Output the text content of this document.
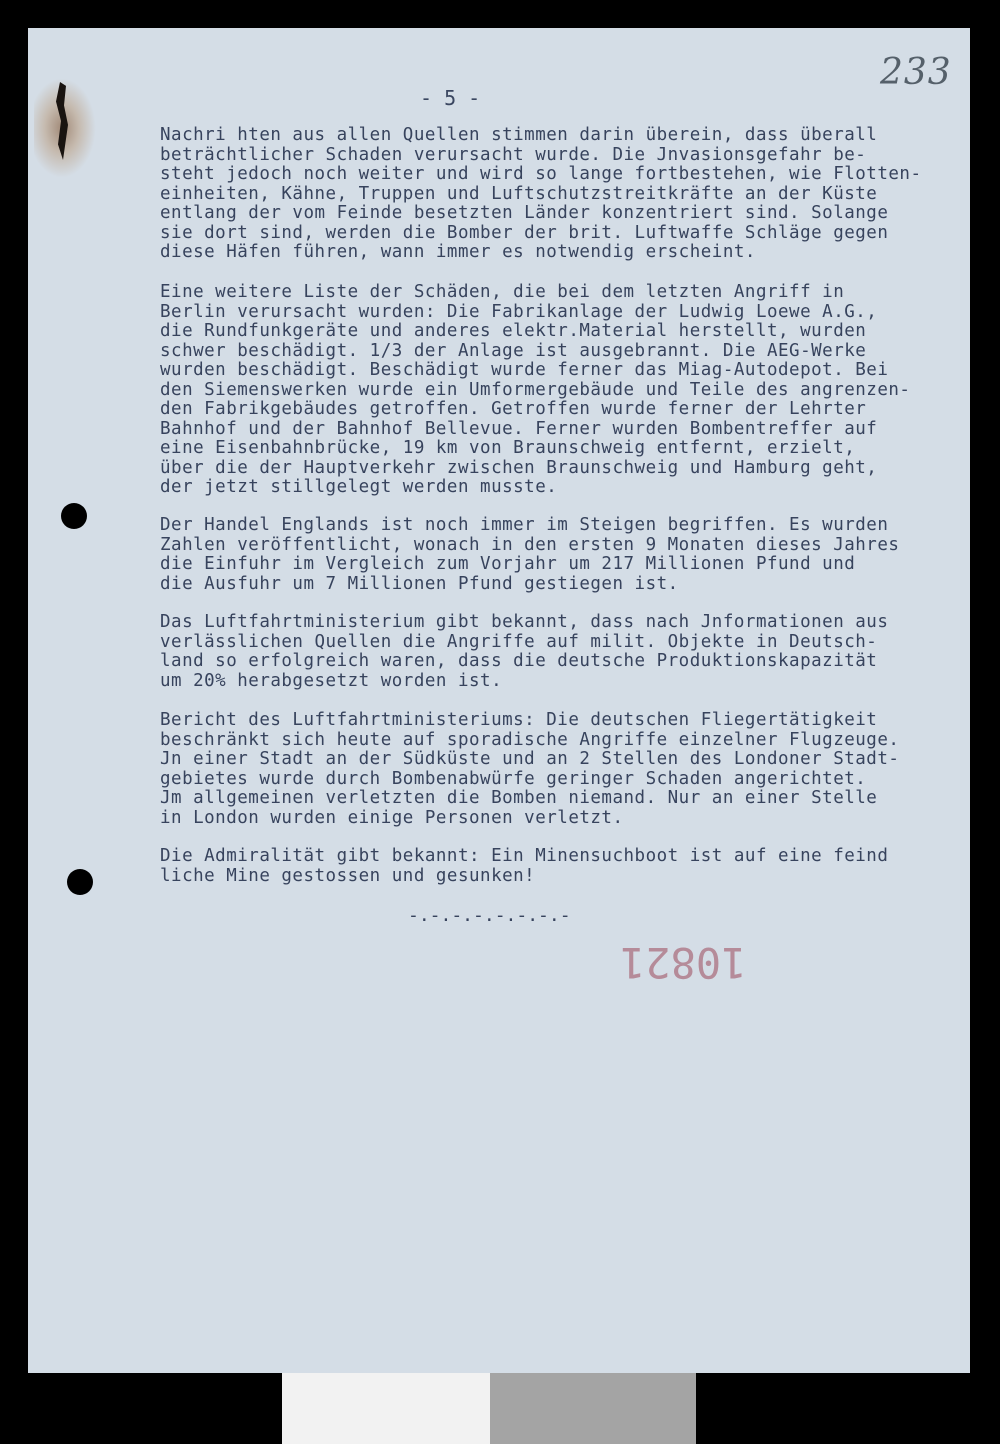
233
- 5 -
Nachri hten aus allen Quellen stimmen darin überein, dass überall
beträchtlicher Schaden verursacht wurde. Die Jnvasionsgefahr be-
steht jedoch noch weiter und wird so lange fortbestehen, wie Flotten-
einheiten, Kähne, Truppen und Luftschutzstreitkräfte an der Küste
entlang der vom Feinde besetzten Länder konzentriert sind. Solange
sie dort sind, werden die Bomber der brit. Luftwaffe Schläge gegen
diese Häfen führen, wann immer es notwendig erscheint.
Eine weitere Liste der Schäden, die bei dem letzten Angriff in
Berlin verursacht wurden: Die Fabrikanlage der Ludwig Loewe A.G.,
die Rundfunkgeräte und anderes elektr.Material herstellt, wurden
schwer beschädigt. 1/3 der Anlage ist ausgebrannt. Die AEG-Werke
wurden beschädigt. Beschädigt wurde ferner das Miag-Autodepot. Bei
den Siemenswerken wurde ein Umformergebäude und Teile des angrenzen-
den Fabrikgebäudes getroffen. Getroffen wurde ferner der Lehrter
Bahnhof und der Bahnhof Bellevue. Ferner wurden Bombentreffer auf
eine Eisenbahnbrücke, 19 km von Braunschweig entfernt, erzielt,
über die der Hauptverkehr zwischen Braunschweig und Hamburg geht,
der jetzt stillgelegt werden musste.
Der Handel Englands ist noch immer im Steigen begriffen. Es wurden
Zahlen veröffentlicht, wonach in den ersten 9 Monaten dieses Jahres
die Einfuhr im Vergleich zum Vorjahr um 217 Millionen Pfund und
die Ausfuhr um 7 Millionen Pfund gestiegen ist.
Das Luftfahrtministerium gibt bekannt, dass nach Jnformationen aus
verlässlichen Quellen die Angriffe auf milit. Objekte in Deutsch-
land so erfolgreich waren, dass die deutsche Produktionskapazität
um 20% herabgesetzt worden ist.
Bericht des Luftfahrtministeriums: Die deutschen Fliegertätigkeit
beschränkt sich heute auf sporadische Angriffe einzelner Flugzeuge.
Jn einer Stadt an der Südküste und an 2 Stellen des Londoner Stadt-
gebietes wurde durch Bombenabwürfe geringer Schaden angerichtet.
Jm allgemeinen verletzten die Bomben niemand. Nur an einer Stelle
in London wurden einige Personen verletzt.
Die Admiralität gibt bekannt: Ein Minensuchboot ist auf eine feind
liche Mine gestossen und gesunken!
-.-.-.-.-.-.-.-
10821
